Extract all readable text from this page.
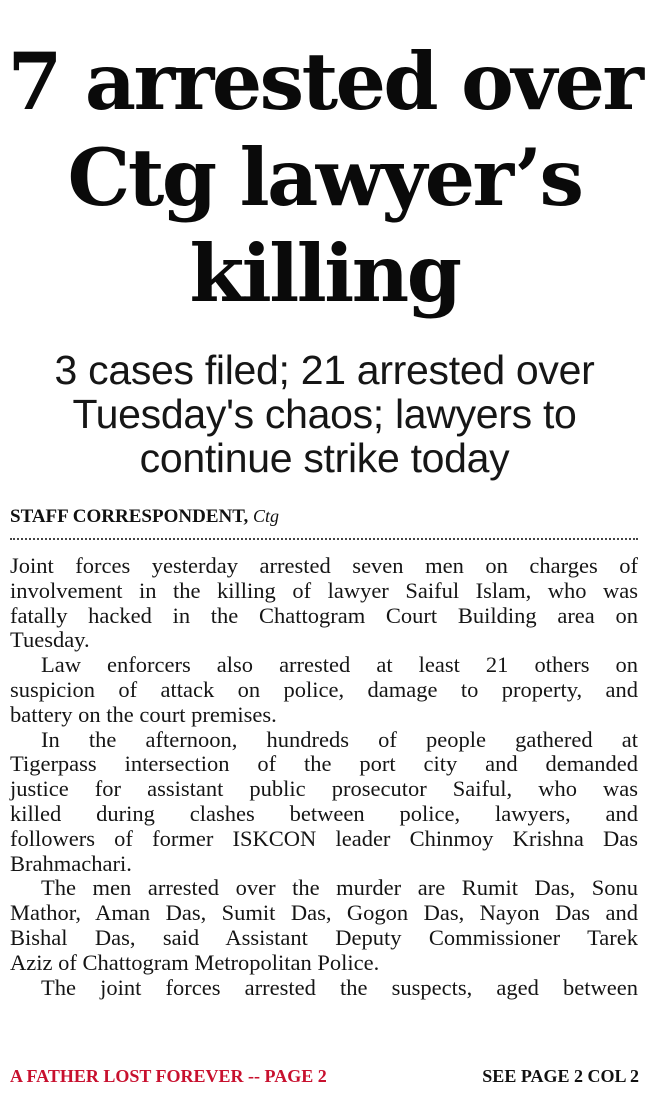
7 arrested over
Ctg lawyer’s
killing
3 cases filed; 21 arrested over
Tuesday's chaos; lawyers to
continue strike today
STAFF CORRESPONDENT, Ctg

Joint forces yesterday arrested seven men on charges of
involvement in the killing of lawyer Saiful Islam, who was
fatally hacked in the Chattogram Court Building area on
Tuesday.

Law enforcers also arrested at least 21 others on
suspicion of attack on police, damage to property, and
battery on the court premises.

In the afternoon, hundreds of people gathered at
Tigerpass intersection of the port city and demanded
justice for assistant public prosecutor Saiful, who was
killed during clashes between police, lawyers, and
followers of former ISKCON leader Chinmoy Krishna Das
Brahmachari.

The men arrested over the murder are Rumit Das, Sonu
Mathor, Aman Das, Sumit Das, Gogon Das, Nayon Das and
Bishal Das, said Assistant Deputy Commissioner Tarek
Aziz of Chattogram Metropolitan Police.

The joint forces arrested the suspects, aged between

A FATHER LOST FOREVER -- PAGE 2	SEE PAGE 2 COL 2
